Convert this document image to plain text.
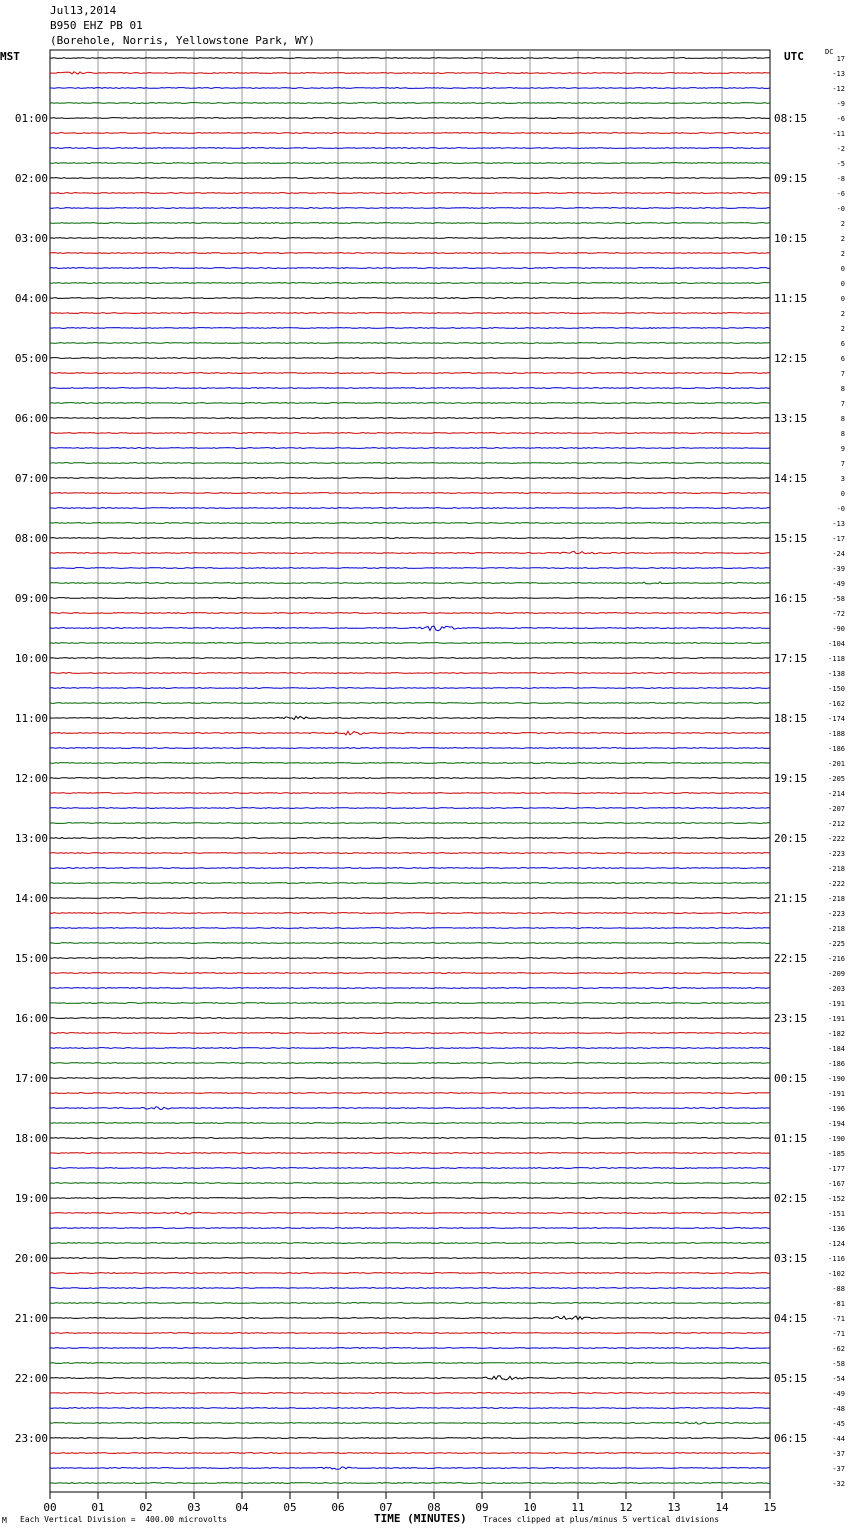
Jul13,2014
B950 EHZ PB 01
(Borehole, Norris, Yellowstone Park, WY)
MST	UTC	DC
01:00
02:00
03:00
04:00
05:00
06:00
07:00
08:00
09:00
10:00
11:00
12:00
13:00
14:00
15:00
16:00
17:00
18:00
19:00
20:00
21:00
22:00
23:00
08:15
09:15
10:15
11:15
12:15
13:15
14:15
15:15
16:15
17:15
18:15
19:15
20:15
21:15
22:15
23:15
00:15
01:15
02:15
03:15
04:15
05:15
06:15
17
-13
-12
-9
-6
-11
-2
-5
-8
-6
-0
2
2
2
0
0
0
2
2
6
6
7
8
7
8
8
9
7
3
0
-0
-13
-17
-24
-39
-49
-58
-72
-90
-104
-118
-138
-150
-162
-174
-188
-186
-201
-205
-214
-207
-212
-222
-223
-218
-222
-218
-223
-218
-225
-216
-209
-203
-191
-191
-182
-184
-186
-190
-191
-196
-194
-190
-185
-177
-167
-152
-151
-136
-124
-116
-102
-88
-81
-71
-71
-62
-58
-54
-49
-48
-45
-44
-37
-37
-32
00	01	02	03	04	05	06	07	08	09	10	11	12	13	14	15
M Each Vertical Division =  400.00 microvolts	TIME (MINUTES) Traces clipped at plus/minus 5 vertical divisions
